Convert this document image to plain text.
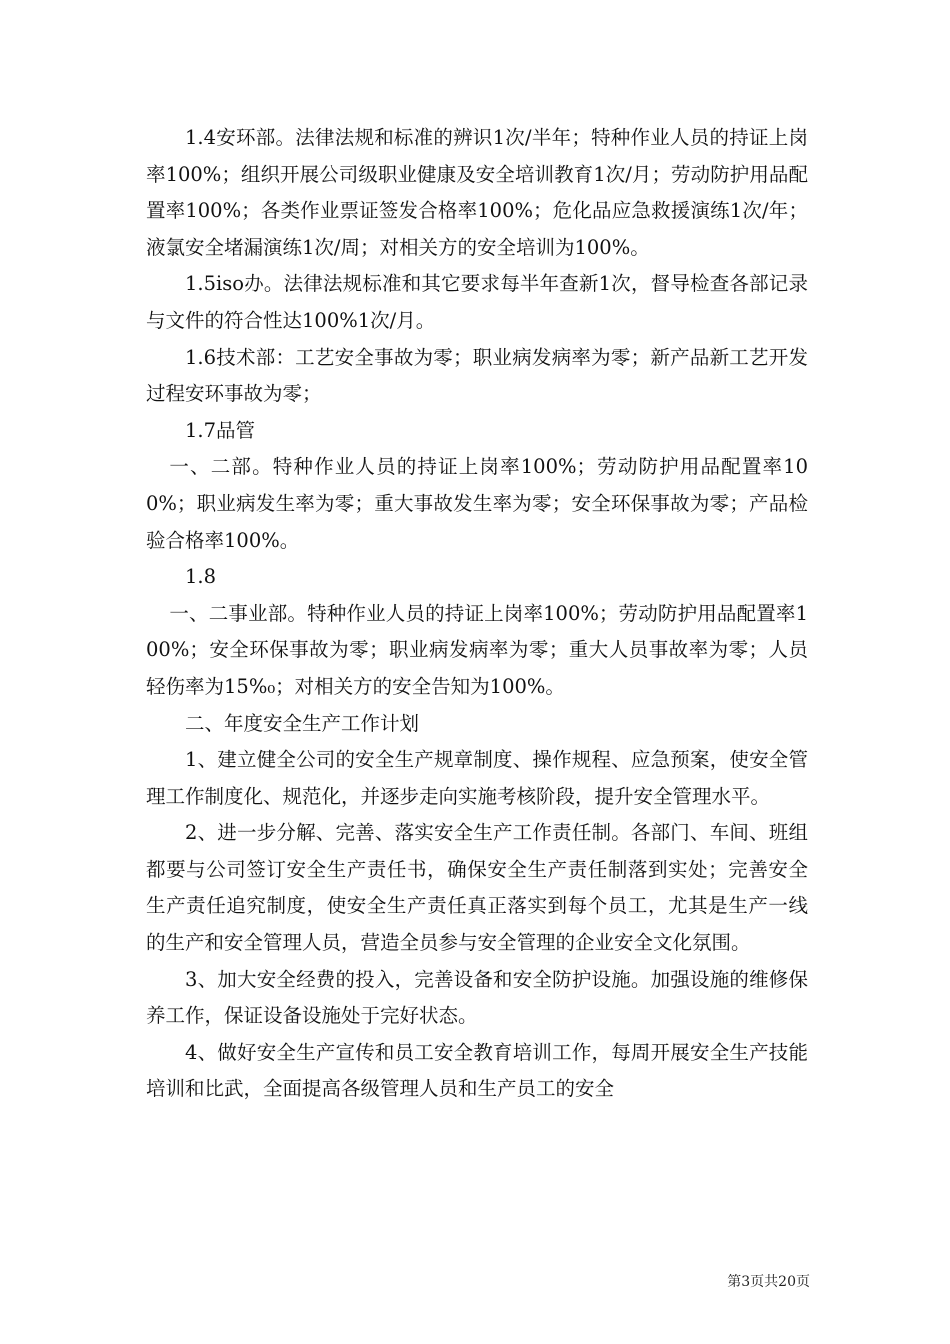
1.4安环部。法律法规和标准的辨识1次/半年；特种作业人员的持证上岗率100%；组织开展公司级职业健康及安全培训教育1次/月；劳动防护用品配置率100%；各类作业票证签发合格率100%；危化品应急救援演练1次/年；液氯安全堵漏演练1次/周；对相关方的安全培训为100%。

1.5iso办。法律法规标准和其它要求每半年查新1次，督导检查各部记录与文件的符合性达100%1次/月。

1.6技术部：工艺安全事故为零；职业病发病率为零；新产品新工艺开发过程安环事故为零；

1.7品管

一、二部。特种作业人员的持证上岗率100%；劳动防护用品配置率100%；职业病发生率为零；重大事故发生率为零；安全环保事故为零；产品检验合格率100%。

1.8

一、二事业部。特种作业人员的持证上岗率100%；劳动防护用品配置率100%；安全环保事故为零；职业病发病率为零；重大人员事故率为零；人员轻伤率为15%₀；对相关方的安全告知为100%。

二、年度安全生产工作计划

1、建立健全公司的安全生产规章制度、操作规程、应急预案，使安全管理工作制度化、规范化，并逐步走向实施考核阶段，提升安全管理水平。

2、进一步分解、完善、落实安全生产工作责任制。各部门、车间、班组都要与公司签订安全生产责任书，确保安全生产责任制落到实处；完善安全生产责任追究制度，使安全生产责任真正落实到每个员工，尤其是生产一线的生产和安全管理人员，营造全员参与安全管理的企业安全文化氛围。

3、加大安全经费的投入，完善设备和安全防护设施。加强设施的维修保养工作，保证设备设施处于完好状态。

4、做好安全生产宣传和员工安全教育培训工作，每周开展安全生产技能培训和比武，全面提高各级管理人员和生产员工的安全

第3页共20页
